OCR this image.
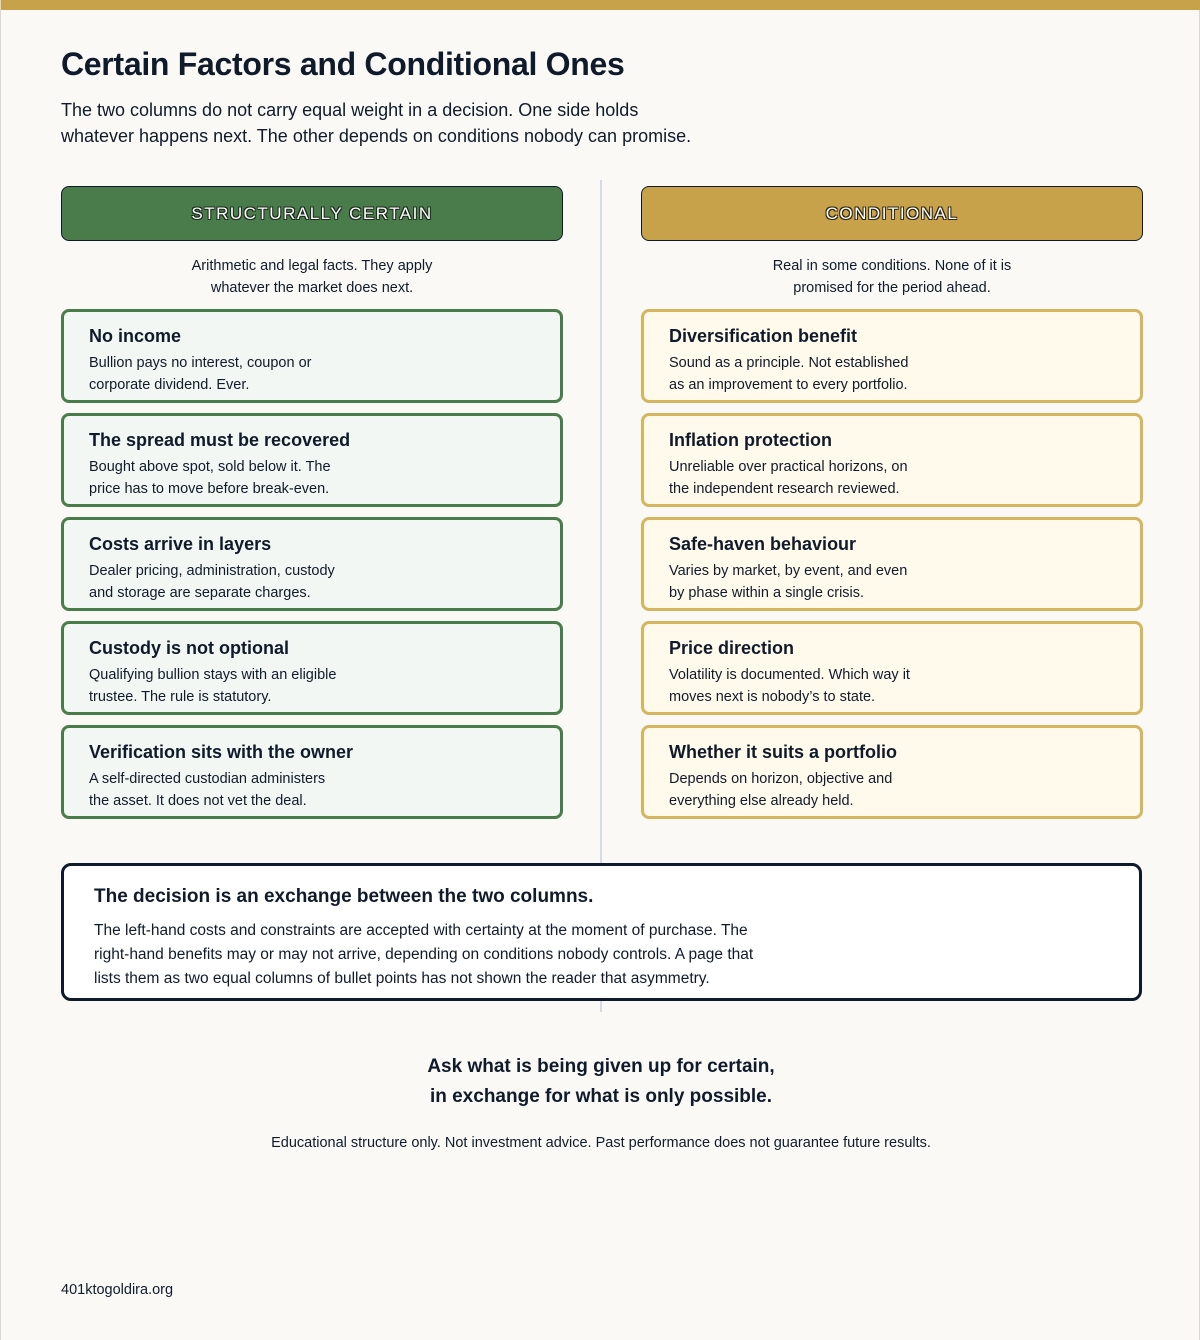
Certain Factors and Conditional Ones
The two columns do not carry equal weight in a decision. One side holds
whatever happens next. The other depends on conditions nobody can promise.
STRUCTURALLY CERTAIN
Arithmetic and legal facts. They apply
whatever the market does next.
No income
Bullion pays no interest, coupon or
corporate dividend. Ever.
The spread must be recovered
Bought above spot, sold below it. The
price has to move before break-even.
Costs arrive in layers
Dealer pricing, administration, custody
and storage are separate charges.
Custody is not optional
Qualifying bullion stays with an eligible
trustee. The rule is statutory.
Verification sits with the owner
A self-directed custodian administers
the asset. It does not vet the deal.
CONDITIONAL
Real in some conditions. None of it is
promised for the period ahead.
Diversification benefit
Sound as a principle. Not established
as an improvement to every portfolio.
Inflation protection
Unreliable over practical horizons, on
the independent research reviewed.
Safe-haven behaviour
Varies by market, by event, and even
by phase within a single crisis.
Price direction
Volatility is documented. Which way it
moves next is nobody’s to state.
Whether it suits a portfolio
Depends on horizon, objective and
everything else already held.
The decision is an exchange between the two columns.
The left-hand costs and constraints are accepted with certainty at the moment of purchase. The
right-hand benefits may or may not arrive, depending on conditions nobody controls. A page that
lists them as two equal columns of bullet points has not shown the reader that asymmetry.
Ask what is being given up for certain,
in exchange for what is only possible.
Educational structure only. Not investment advice. Past performance does not guarantee future results.
401ktogoldira.org
